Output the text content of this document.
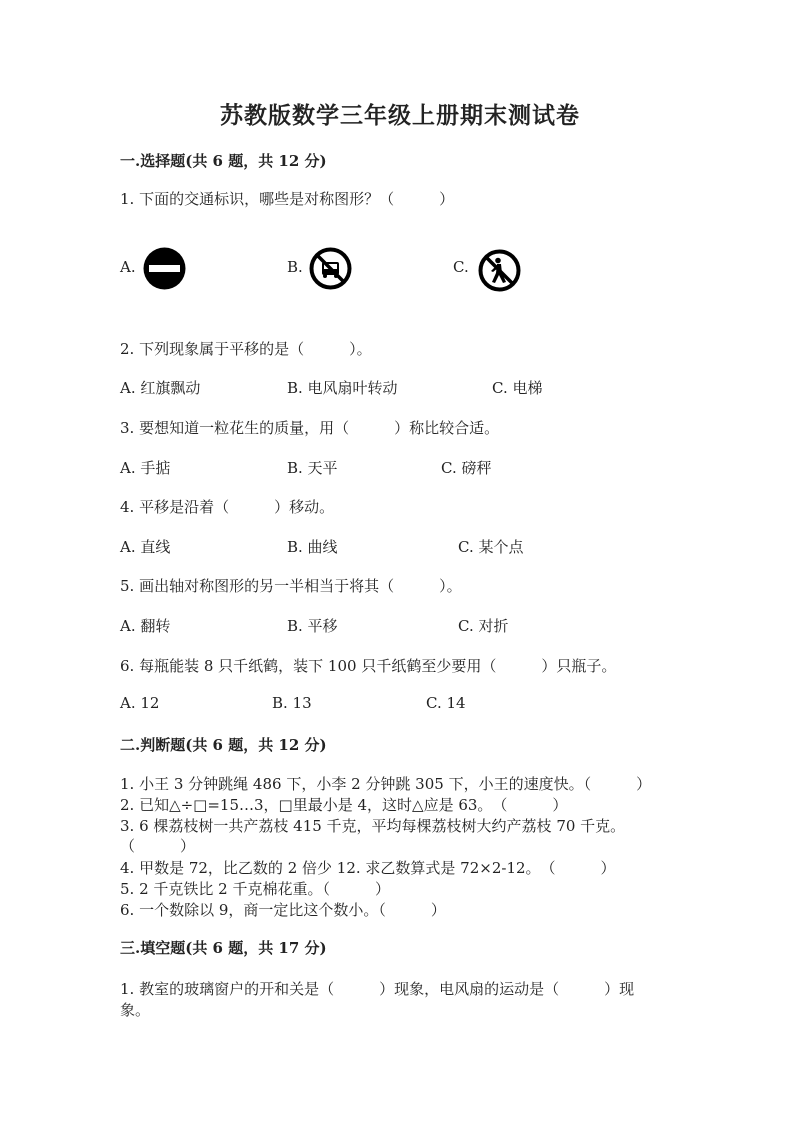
苏教版数学三年级上册期末测试卷
一.选择题(共 6 题，共 12 分)
1. 下面的交通标识，哪些是对称图形？（　　　）
A.	B.	C.
2. 下列现象属于平移的是（　　　）。
A. 红旗飘动	B. 电风扇叶转动	C. 电梯
3. 要想知道一粒花生的质量，用（　　　）称比较合适。
A. 手掂	B. 天平	C. 磅秤
4. 平移是沿着（　　　）移动。
A. 直线	B. 曲线	C. 某个点
5. 画出轴对称图形的另一半相当于将其（　　　）。
A. 翻转	B. 平移	C. 对折
6. 每瓶能装 8 只千纸鹤，装下 100 只千纸鹤至少要用（　　　）只瓶子。
A. 12	B. 13	C. 14
二.判断题(共 6 题，共 12 分)
1. 小王 3 分钟跳绳 486 下，小李 2 分钟跳 305 下，小王的速度快。（　　　）
2. 已知△÷□=15…3，□里最小是 4，这时△应是 63。　（　　　）
3. 6 棵荔枝树一共产荔枝 415 千克，平均每棵荔枝树大约产荔枝 70 千克。
（　　　）
4. 甲数是 72，比乙数的 2 倍少 12. 求乙数算式是 72×2-12。　（　　　）
5. 2 千克铁比 2 千克棉花重。（　　　）
6. 一个数除以 9，商一定比这个数小。（　　　）
三.填空题(共 6 题，共 17 分)
1. 教室的玻璃窗户的开和关是（　　　）现象，电风扇的运动是（　　　）现
象。
